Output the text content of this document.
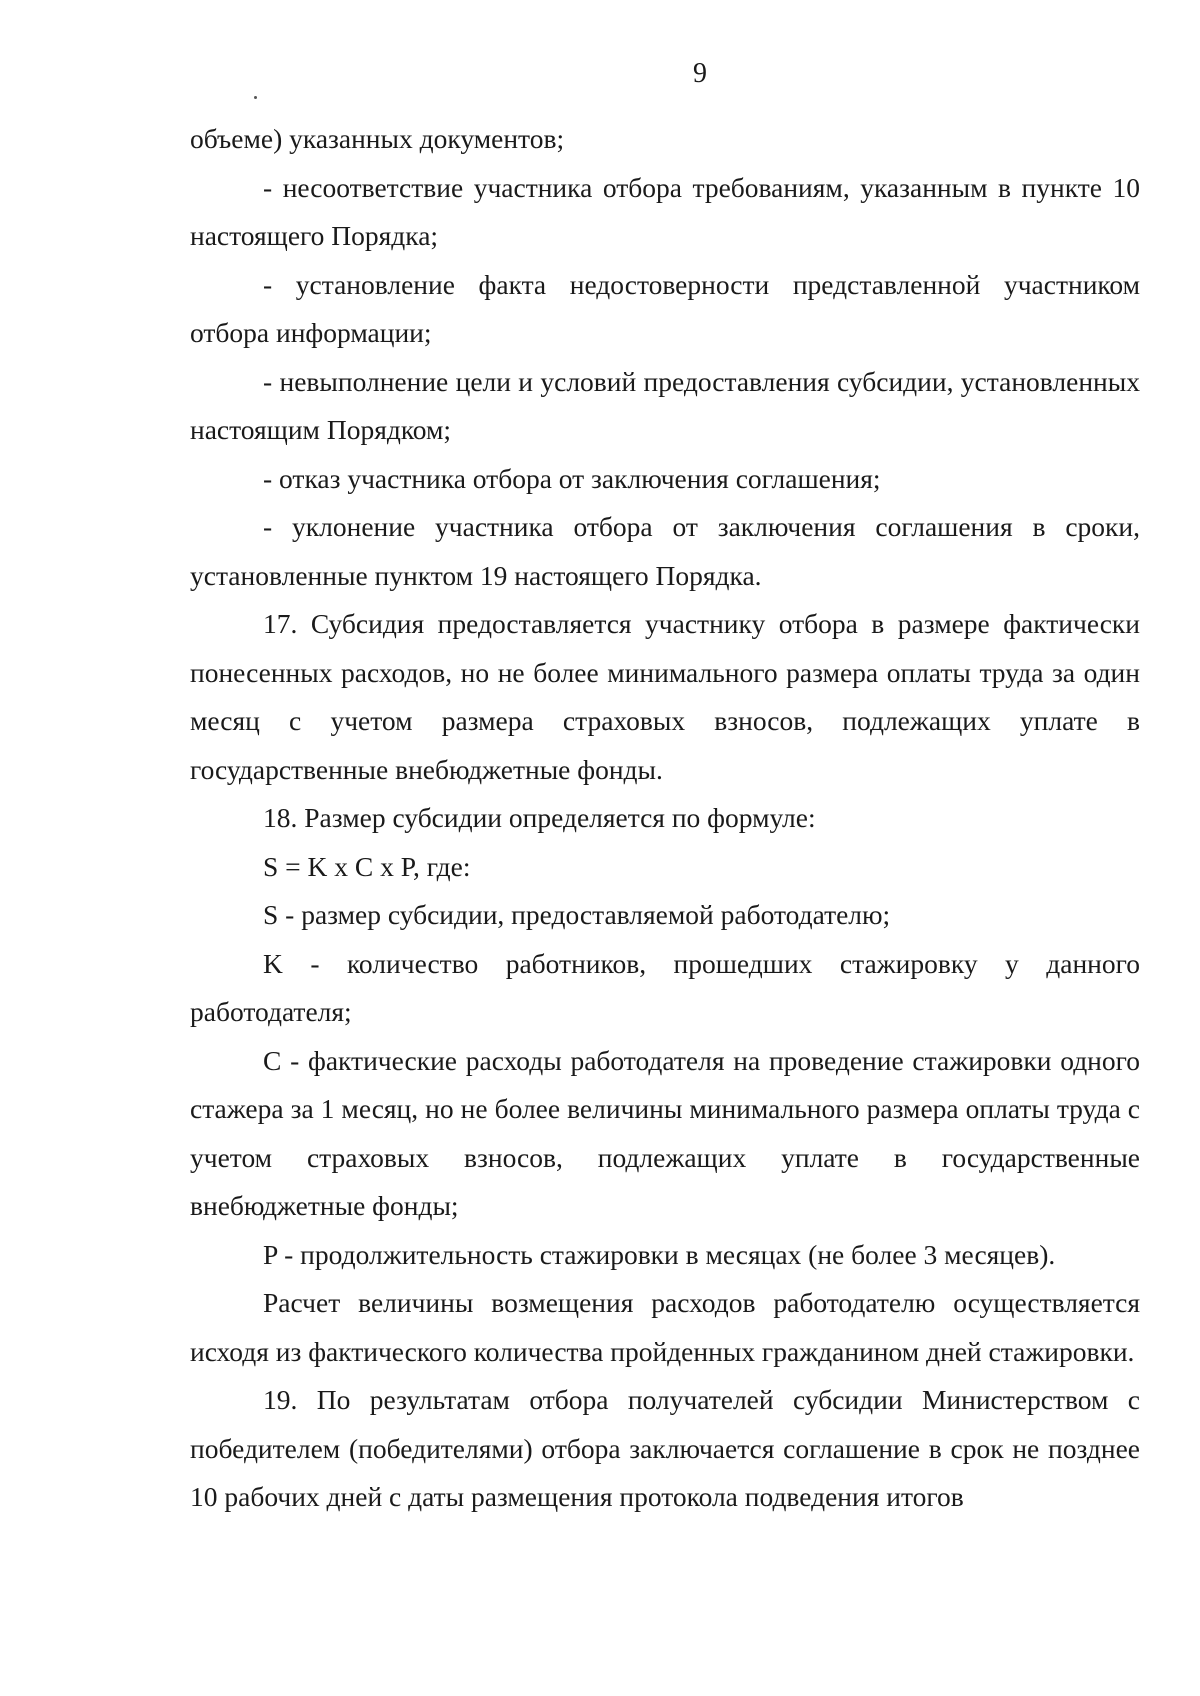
9

объеме) указанных документов;

- несоответствие участника отбора требованиям, указанным в пункте 10 настоящего Порядка;

- установление факта недостоверности представленной участником отбора информации;

- невыполнение цели и условий предоставления субсидии, установленных настоящим Порядком;

- отказ участника отбора от заключения соглашения;

- уклонение участника отбора от заключения соглашения в сроки, установленные пунктом 19 настоящего Порядка.

17. Субсидия предоставляется участнику отбора в размере фактически понесенных расходов, но не более минимального размера оплаты труда за один месяц с учетом размера страховых взносов, подлежащих уплате в государственные внебюджетные фонды.

18. Размер субсидии определяется по формуле:

S = K x C x P, где:

S - размер субсидии, предоставляемой работодателю;

K - количество работников, прошедших стажировку у данного работодателя;

C - фактические расходы работодателя на проведение стажировки одного стажера за 1 месяц, но не более величины минимального размера оплаты труда с учетом страховых взносов, подлежащих уплате в государственные внебюджетные фонды;

P - продолжительность стажировки в месяцах (не более 3 месяцев).

Расчет величины возмещения расходов работодателю осуществляется исходя из фактического количества пройденных гражданином дней стажировки.

19. По результатам отбора получателей субсидии Министерством с победителем (победителями) отбора заключается соглашение в срок не позднее 10 рабочих дней с даты размещения протокола подведения итогов
